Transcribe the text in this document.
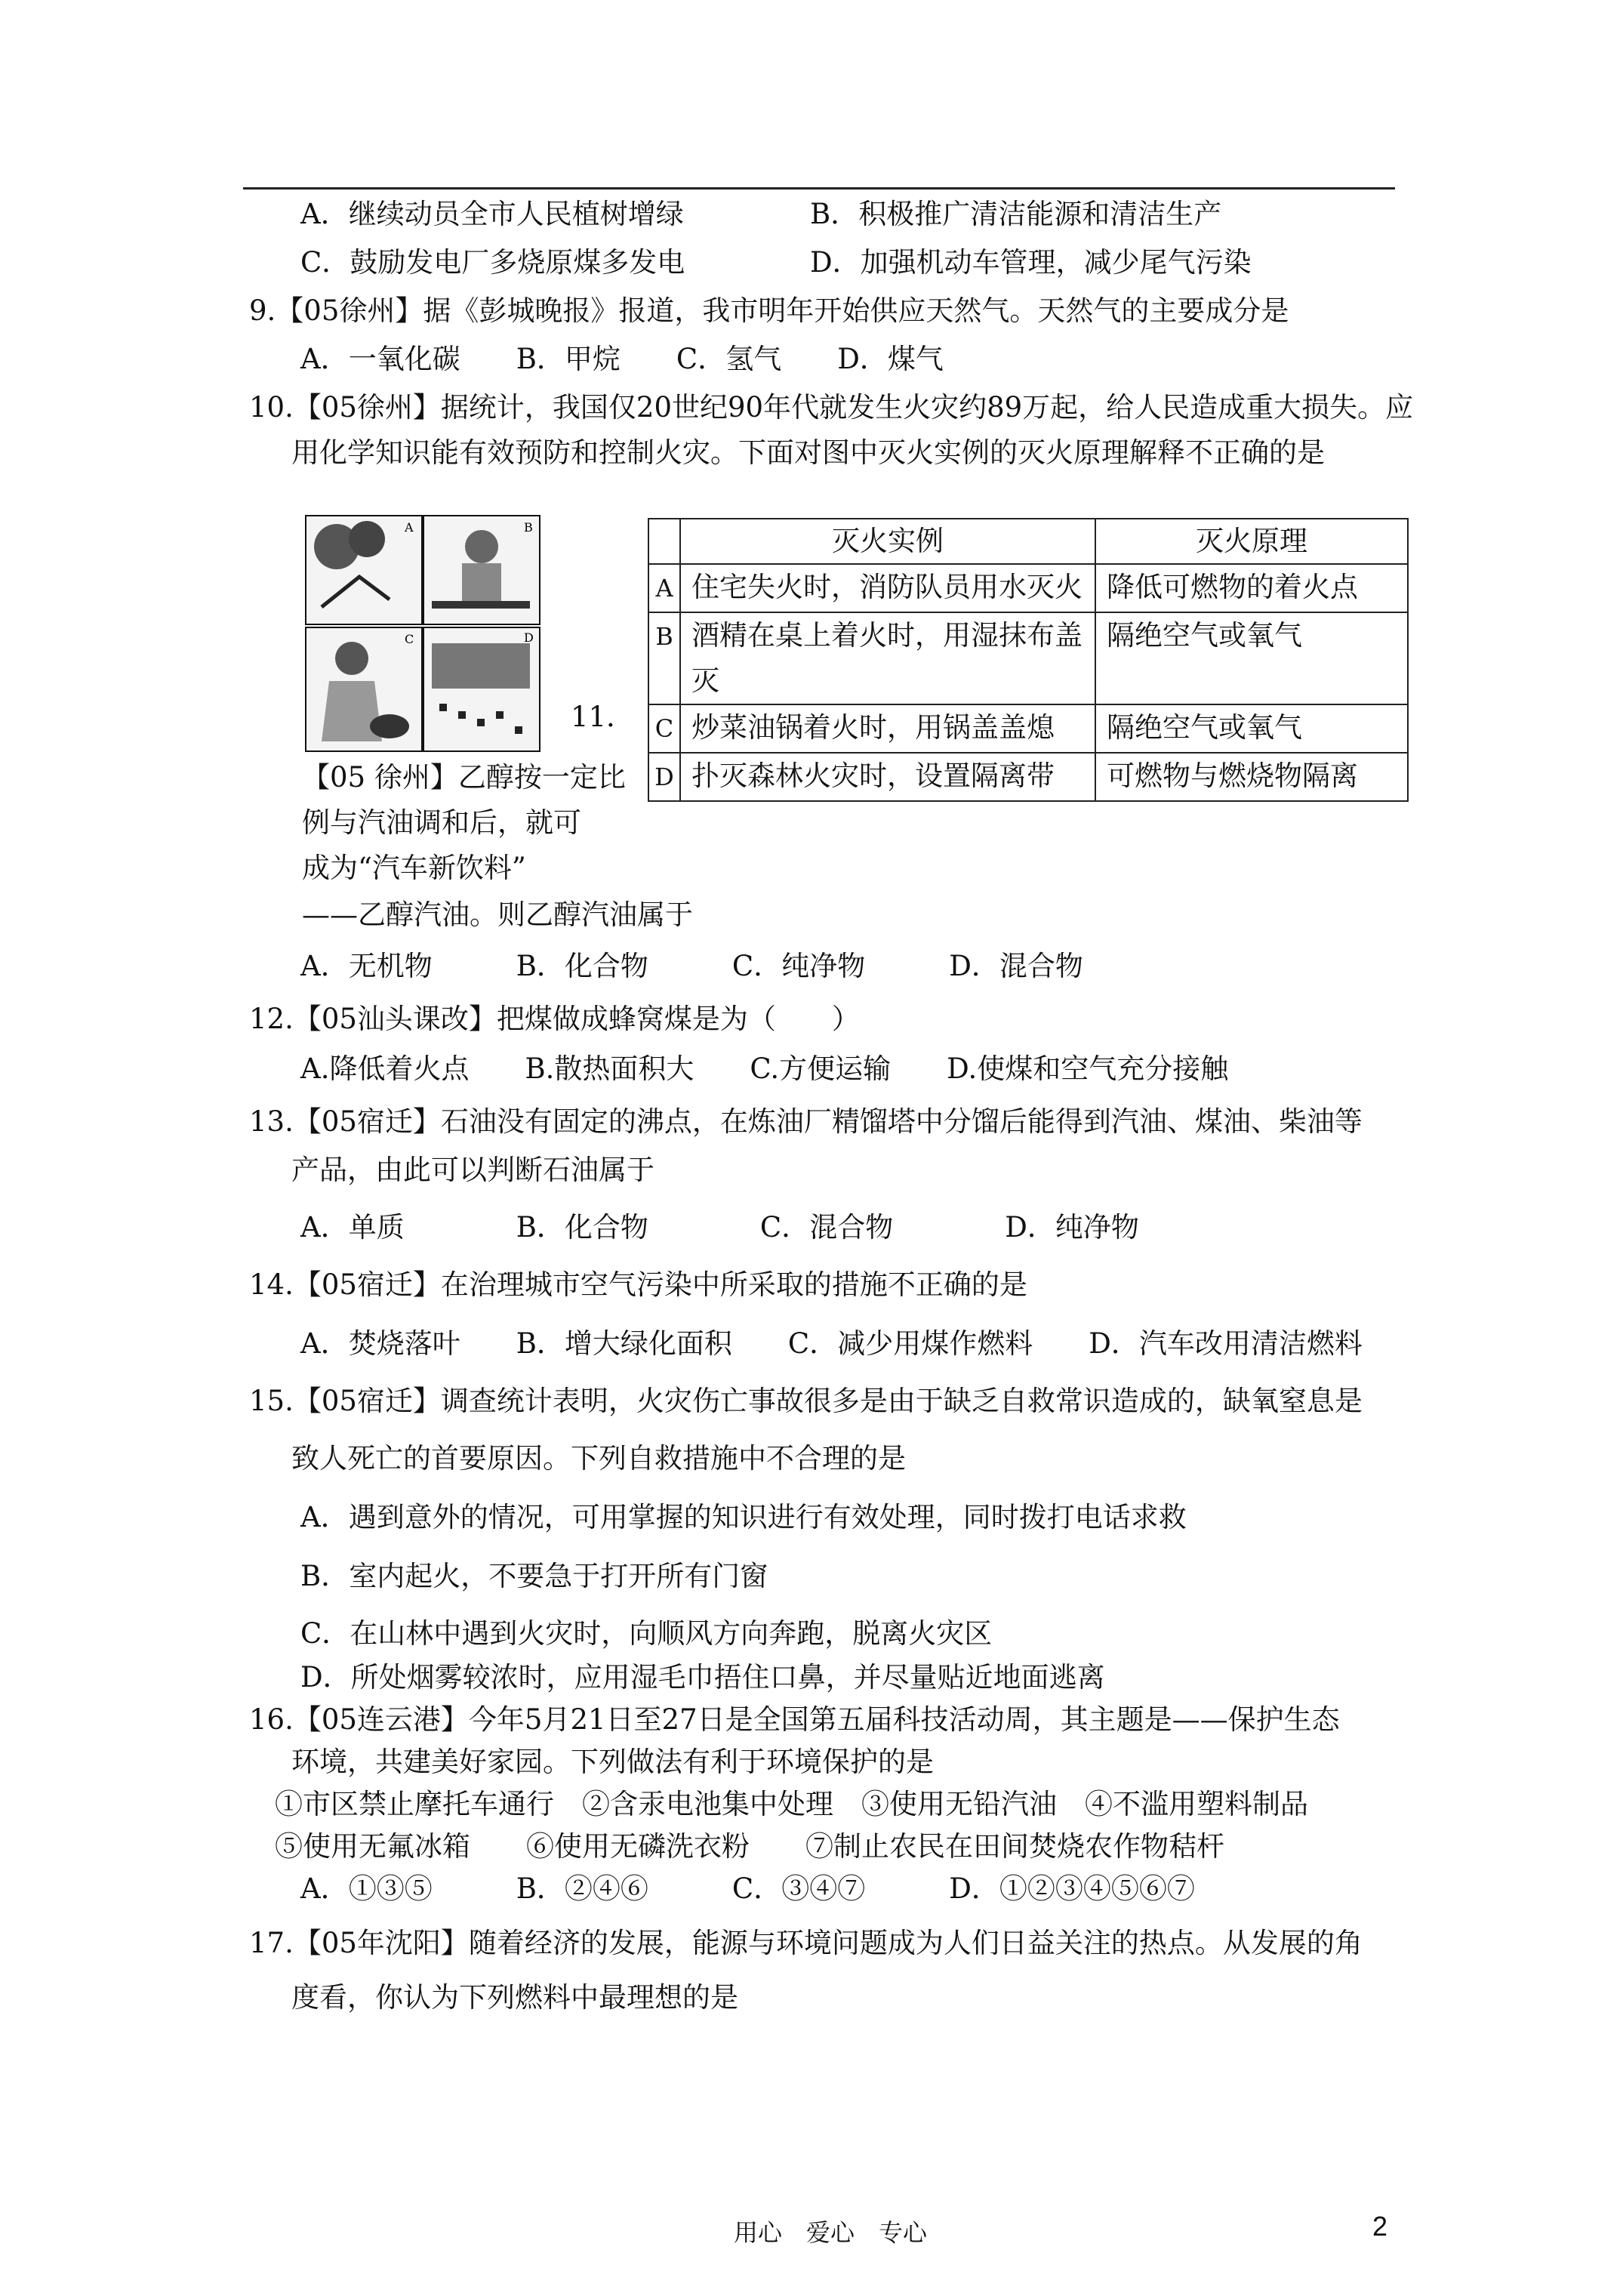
A．继续动员全市人民植树增绿	B．积极推广清洁能源和清洁生产
C．鼓励发电厂多烧原煤多发电	D．加强机动车管理，减少尾气污染
9.【05徐州】据《彭城晚报》报道，我市明年开始供应天然气。天然气的主要成分是
A．一氧化碳　　B．甲烷　　C．氢气　　D．煤气
10.【05徐州】据统计，我国仅20世纪90年代就发生火灾约89万起，给人民造成重大损失。应
用化学知识能有效预防和控制火灾。下面对图中灭火实例的灭火原理解释不正确的是
A	B
C	D
11．
【05 徐州】乙醇按一定比
例与汽油调和后，就可
成为“汽车新饮料”
——乙醇汽油。则乙醇汽油属于
A．无机物　　　B．化合物　　　C．纯净物　　　D．混合物
	灭火实例	灭火原理
A	住宅失火时，消防队员用水灭火	降低可燃物的着火点
B	酒精在桌上着火时，用湿抹布盖灭	隔绝空气或氧气
C	炒菜油锅着火时，用锅盖盖熄	隔绝空气或氧气
D	扑灭森林火灾时，设置隔离带	可燃物与燃烧物隔离
12.【05汕头课改】把煤做成蜂窝煤是为（　　）
A.降低着火点　　B.散热面积大　　C.方便运输　　D.使煤和空气充分接触
13.【05宿迁】石油没有固定的沸点，在炼油厂精馏塔中分馏后能得到汽油、煤油、柴油等
产品，由此可以判断石油属于
A．单质　　　　B．化合物　　　　C．混合物　　　　D．纯净物
14.【05宿迁】在治理城市空气污染中所采取的措施不正确的是
A．焚烧落叶　　B．增大绿化面积　　C．减少用煤作燃料　　D．汽车改用清洁燃料
15.【05宿迁】调查统计表明，火灾伤亡事故很多是由于缺乏自救常识造成的，缺氧窒息是
致人死亡的首要原因。下列自救措施中不合理的是
A．遇到意外的情况，可用掌握的知识进行有效处理，同时拨打电话求救
B．室内起火，不要急于打开所有门窗
C．在山林中遇到火灾时，向顺风方向奔跑，脱离火灾区
D．所处烟雾较浓时，应用湿毛巾捂住口鼻，并尽量贴近地面逃离
16.【05连云港】今年5月21日至27日是全国第五届科技活动周，其主题是——保护生态
环境，共建美好家园。下列做法有利于环境保护的是
①市区禁止摩托车通行　②含汞电池集中处理　③使用无铅汽油　④不滥用塑料制品
⑤使用无氟冰箱　　⑥使用无磷洗衣粉　　⑦制止农民在田间焚烧农作物秸杆
A．①③⑤　　　B．②④⑥　　　C．③④⑦　　　D．①②③④⑤⑥⑦
17.【05年沈阳】随着经济的发展，能源与环境问题成为人们日益关注的热点。从发展的角
度看，你认为下列燃料中最理想的是
用心　爱心　专心	2
